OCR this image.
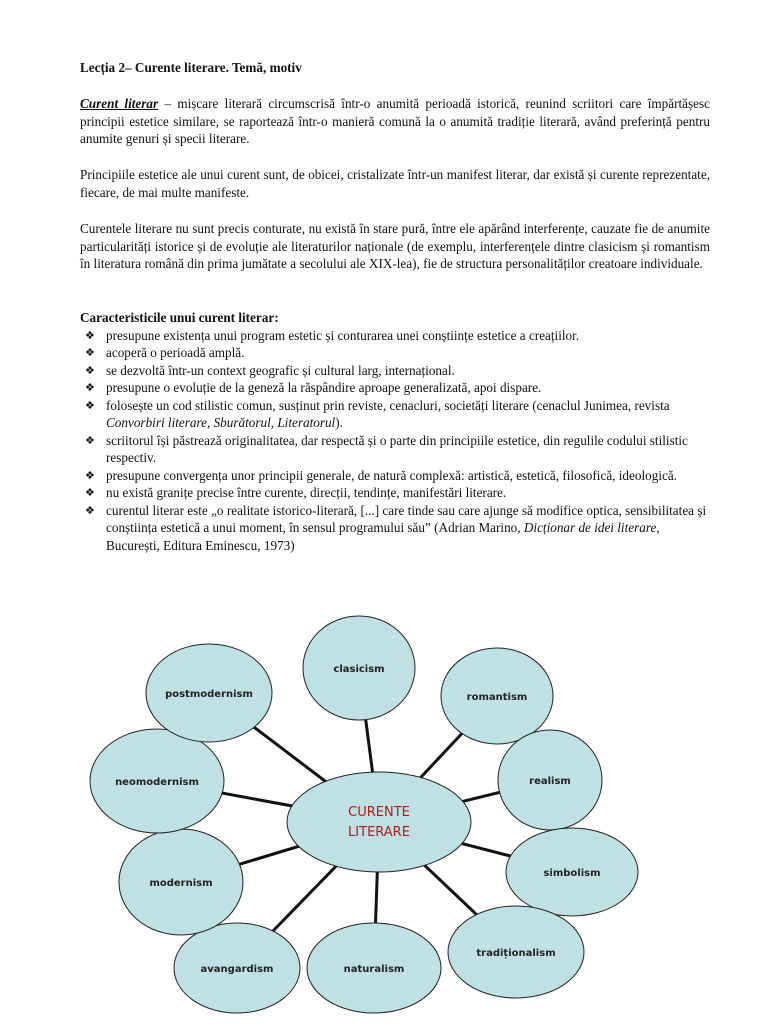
Lecția 2– Curente literare. Temă, motiv

Curent literar – mișcare literară circumscrisă într-o anumită perioadă istorică, reunind scriitori care împărtășesc principii estetice similare, se raportează într-o manieră comună la o anumită tradiție literară, având preferință pentru anumite genuri și specii literare.

Principiile estetice ale unui curent sunt, de obicei, cristalizate într-un manifest literar, dar există și curente reprezentate, fiecare, de mai multe manifeste.

Curentele literare nu sunt precis conturate, nu există în stare pură, între ele apărând interferențe, cauzate fie de anumite particularități istorice și de evoluție ale literaturilor naționale (de exemplu, interferențele dintre clasicism și romantism în literatura română din prima jumătate a secolului ale XIX-lea), fie de structura personalităților creatoare individuale.

Caracteristicile unui curent literar:
❖ presupune existența unui program estetic și conturarea unei conștiințe estetice a creațiilor.
❖ acoperă o perioadă amplă.
❖ se dezvoltă într-un context geografic și cultural larg, internațional.
❖ presupune o evoluție de la geneză la răspândire aproape generalizată, apoi dispare.
❖ folosește un cod stilistic comun, susținut prin reviste, cenacluri, societăți literare (cenaclul Junimea, revista Convorbiri literare, Sburătorul, Literatorul).
❖ scriitorul își păstrează originalitatea, dar respectă și o parte din principiile estetice, din regulile codului stilistic respectiv.
❖ presupune convergența unor principii generale, de natură complexă: artistică, estetică, filosofică, ideologică.
❖ nu există granițe precise între curente, direcții, tendințe, manifestări literare.
❖ curentul literar este „o realitate istorico-literară, [...] care tinde sau care ajunge să modifice optica, sensibilitatea și conștiința estetică a unui moment, în sensul programului său” (Adrian Marino, Dicționar de idei literare, București, Editura Eminescu, 1973)
clasicism
romantism
realism
simbolism
tradiționalism
naturalism
avangardism
modernism
neomodernism
postmodernism
CURENTE
LITERARE
